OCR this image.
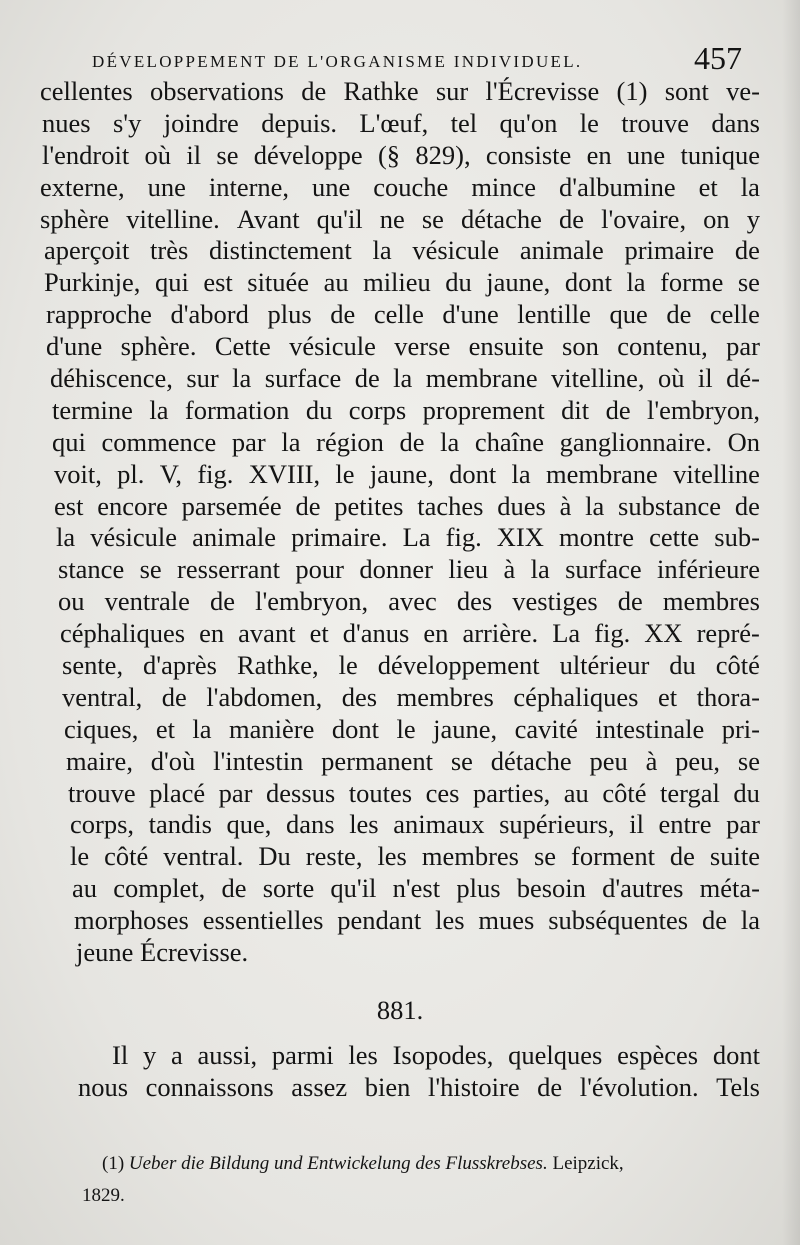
DÉVELOPPEMENT DE L'ORGANISME INDIVIDUEL.	457
cellentes observations de Rathke sur l'Écrevisse (1) sont ve-
nues s'y joindre depuis. L'œuf, tel qu'on le trouve dans
l'endroit où il se développe (§ 829), consiste en une tunique
externe, une interne, une couche mince d'albumine et la
sphère vitelline. Avant qu'il ne se détache de l'ovaire, on y
aperçoit très distinctement la vésicule animale primaire de
Purkinje, qui est située au milieu du jaune, dont la forme se
rapproche d'abord plus de celle d'une lentille que de celle
d'une sphère. Cette vésicule verse ensuite son contenu, par
déhiscence, sur la surface de la membrane vitelline, où il dé-
termine la formation du corps proprement dit de l'embryon,
qui commence par la région de la chaîne ganglionnaire. On
voit, pl. V, fig. XVIII, le jaune, dont la membrane vitelline
est encore parsemée de petites taches dues à la substance de
la vésicule animale primaire. La fig. XIX montre cette sub-
stance se resserrant pour donner lieu à la surface inférieure
ou ventrale de l'embryon, avec des vestiges de membres
céphaliques en avant et d'anus en arrière. La fig. XX repré-
sente, d'après Rathke, le développement ultérieur du côté
ventral, de l'abdomen, des membres céphaliques et thora-
ciques, et la manière dont le jaune, cavité intestinale pri-
maire, d'où l'intestin permanent se détache peu à peu, se
trouve placé par dessus toutes ces parties, au côté tergal du
corps, tandis que, dans les animaux supérieurs, il entre par
le côté ventral. Du reste, les membres se forment de suite
au complet, de sorte qu'il n'est plus besoin d'autres méta-
morphoses essentielles pendant les mues subséquentes de la
jeune Écrevisse.
881.
Il y a aussi, parmi les Isopodes, quelques espèces dont
nous connaissons assez bien l'histoire de l'évolution. Tels
(1) Ueber die Bildung und Entwickelung des Flusskrebses. Leipzick,
1829.
